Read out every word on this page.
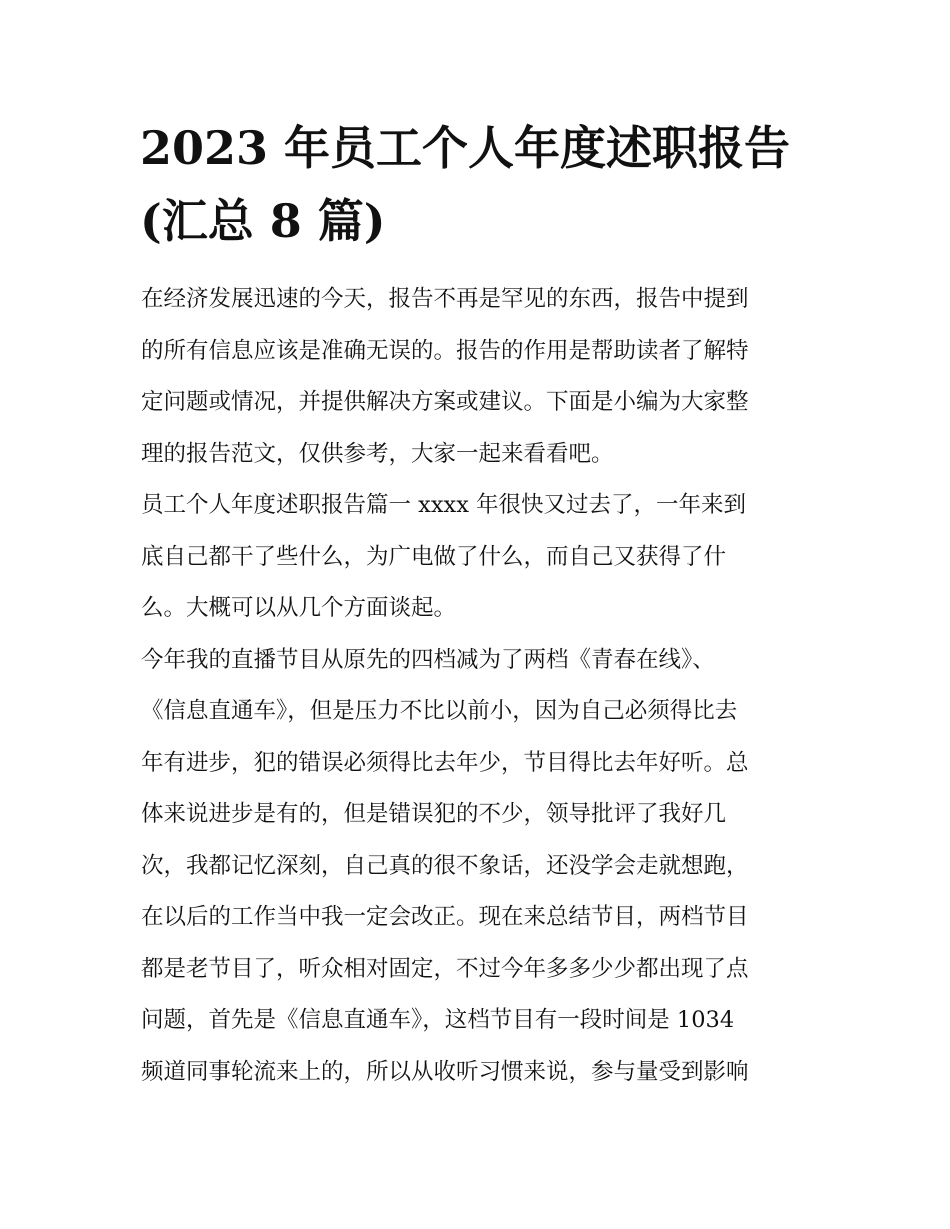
2023 年员工个人年度述职报告
(汇总 8 篇)
在经济发展迅速的今天，报告不再是罕见的东西，报告中提到
的所有信息应该是准确无误的。报告的作用是帮助读者了解特
定问题或情况，并提供解决方案或建议。下面是小编为大家整
理的报告范文，仅供参考，大家一起来看看吧。
员工个人年度述职报告篇一 xxxx 年很快又过去了，一年来到
底自己都干了些什么，为广电做了什么，而自己又获得了什
么。大概可以从几个方面谈起。
今年我的直播节目从原先的四档减为了两档《青春在线》、
《信息直通车》，但是压力不比以前小，因为自己必须得比去
年有进步，犯的错误必须得比去年少，节目得比去年好听。总
体来说进步是有的，但是错误犯的不少，领导批评了我好几
次，我都记忆深刻，自己真的很不象话，还没学会走就想跑，
在以后的工作当中我一定会改正。现在来总结节目，两档节目
都是老节目了，听众相对固定，不过今年多多少少都出现了点
问题，首先是《信息直通车》，这档节目有一段时间是 1034
频道同事轮流来上的，所以从收听习惯来说，参与量受到影响
